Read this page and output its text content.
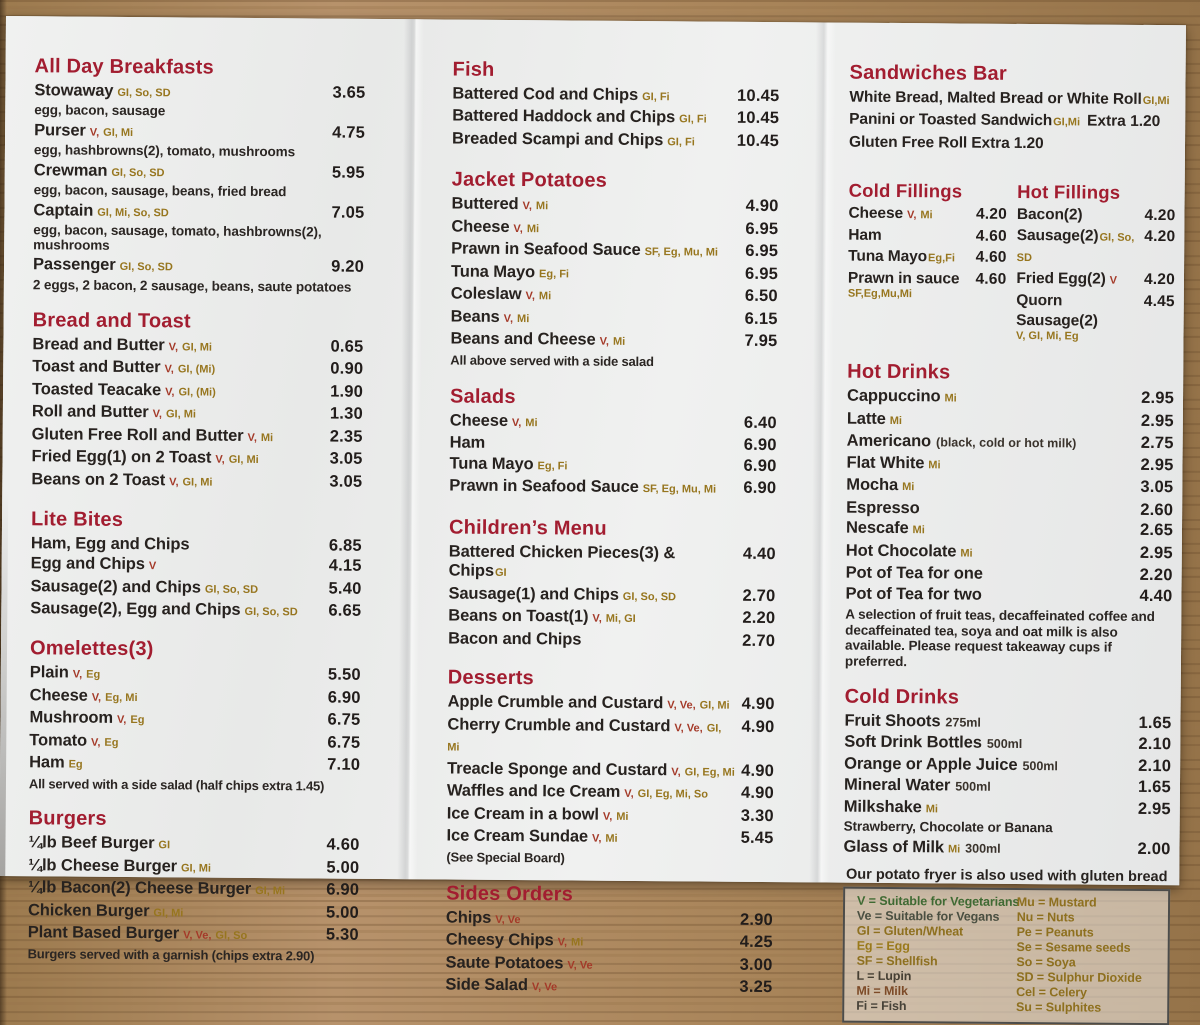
All Day Breakfasts
Stowaway GI, So, SD	3.65
egg, bacon, sausage
Purser V, GI, Mi	4.75
egg, hashbrowns(2), tomato, mushrooms
Crewman GI, So, SD	5.95
egg, bacon, sausage, beans, fried bread
Captain GI, Mi, So, SD	7.05
egg, bacon, sausage, tomato, hashbrowns(2), mushrooms
Passenger GI, So, SD	9.20
2 eggs, 2 bacon, 2 sausage, beans, saute potatoes
Bread and Toast
Bread and Butter V, GI, Mi	0.65
Toast and Butter V, GI, (Mi)	0.90
Toasted Teacake V, GI, (Mi)	1.90
Roll and Butter V, GI, Mi	1.30
Gluten Free Roll and Butter V, Mi	2.35
Fried Egg(1) on 2 Toast V, GI, Mi	3.05
Beans on 2 Toast V, GI, Mi	3.05
Lite Bites
Ham, Egg and Chips	6.85
Egg and Chips V	4.15
Sausage(2) and Chips GI, So, SD	5.40
Sausage(2), Egg and Chips GI, So, SD	6.65
Omelettes(3)
Plain V, Eg	5.50
Cheese V, Eg, Mi	6.90
Mushroom V, Eg	6.75
Tomato V, Eg	6.75
Ham Eg	7.10
All served with a side salad (half chips extra 1.45)
Burgers
¼lb Beef Burger GI	4.60
¼lb Cheese Burger GI, Mi	5.00
¼lb Bacon(2) Cheese Burger GI, Mi	6.90
Chicken Burger GI, Mi	5.00
Plant Based Burger V, Ve, GI, So	5.30
Burgers served with a garnish (chips extra 2.90)
Fish
Battered Cod and Chips GI, Fi	10.45
Battered Haddock and Chips GI, Fi	10.45
Breaded Scampi and Chips GI, Fi	10.45
Jacket Potatoes
Buttered V, Mi	4.90
Cheese V, Mi	6.95
Prawn in Seafood Sauce SF, Eg, Mu, Mi	6.95
Tuna Mayo Eg, Fi	6.95
Coleslaw V, Mi	6.50
Beans V, Mi	6.15
Beans and Cheese V, Mi	7.95
All above served with a side salad
Salads
Cheese V, Mi	6.40
Ham	6.90
Tuna Mayo Eg, Fi	6.90
Prawn in Seafood Sauce SF, Eg, Mu, Mi	6.90
Children’s Menu
Battered Chicken Pieces(3) & ChipsGI
4.40
Sausage(1) and Chips GI, So, SD	2.70
Beans on Toast(1) V, Mi, GI	2.20
Bacon and Chips	2.70
Desserts
Apple Crumble and Custard V, Ve, GI, Mi 4.90
Cherry Crumble and Custard V, Ve, GI, Mi
4.90
Treacle Sponge and Custard V, GI, Eg, Mi 4.90
Waffles and Ice Cream V, GI, Eg, Mi, So	4.90
Ice Cream in a bowl V, Mi	3.30
Ice Cream Sundae V, Mi	5.45
(See Special Board)
Sides Orders
Chips V, Ve	2.90
Cheesy Chips V, Mi	4.25
Saute Potatoes V, Ve	3.00
Side Salad V, Ve	3.25
Sandwiches Bar
White Bread, Malted Bread or White RollGI,Mi
Panini or Toasted SandwichGI,Mi Extra 1.20
Gluten Free Roll Extra 1.20
Cold Fillings
Cheese V, Mi	4.20
Ham	4.60
Tuna MayoEg,Fi 4.60
Prawn in sauce 4.60
SF,Eg,Mu,Mi
Hot Fillings
Bacon(2)	4.20
Sausage(2)GI, So, SD
4.20
Fried Egg(2) V 4.20
Quorn Sausage(2)
4.45
V, GI, Mi, Eg
Hot Drinks
Cappuccino Mi	2.95
Latte Mi	2.95
Americano (black, cold or hot milk)	2.75
Flat White Mi	2.95
Mocha Mi	3.05
Espresso	2.60
Nescafe Mi	2.65
Hot Chocolate Mi	2.95
Pot of Tea for one	2.20
Pot of Tea for two	4.40
A selection of fruit teas, decaffeinated coffee and decaffeinated tea, soya and oat milk is also available. Please request takeaway cups if preferred.
Cold Drinks
Fruit Shoots 275ml	1.65
Soft Drink Bottles 500ml	2.10
Orange or Apple Juice 500ml	2.10
Mineral Water 500ml	1.65
Milkshake Mi	2.95
Strawberry, Chocolate or Banana
Glass of Milk Mi 300ml	2.00
Our potato fryer is also used with gluten bread
V = Suitable for Vegetarians
Ve = Suitable for Vegans
GI = Gluten/Wheat
Eg = Egg
SF = Shellfish
L = Lupin
Mi = Milk
Fi = Fish
Mu = Mustard
Nu = Nuts
Pe = Peanuts
Se = Sesame seeds
So = Soya
SD = Sulphur Dioxide
Cel = Celery
Su = Sulphites
